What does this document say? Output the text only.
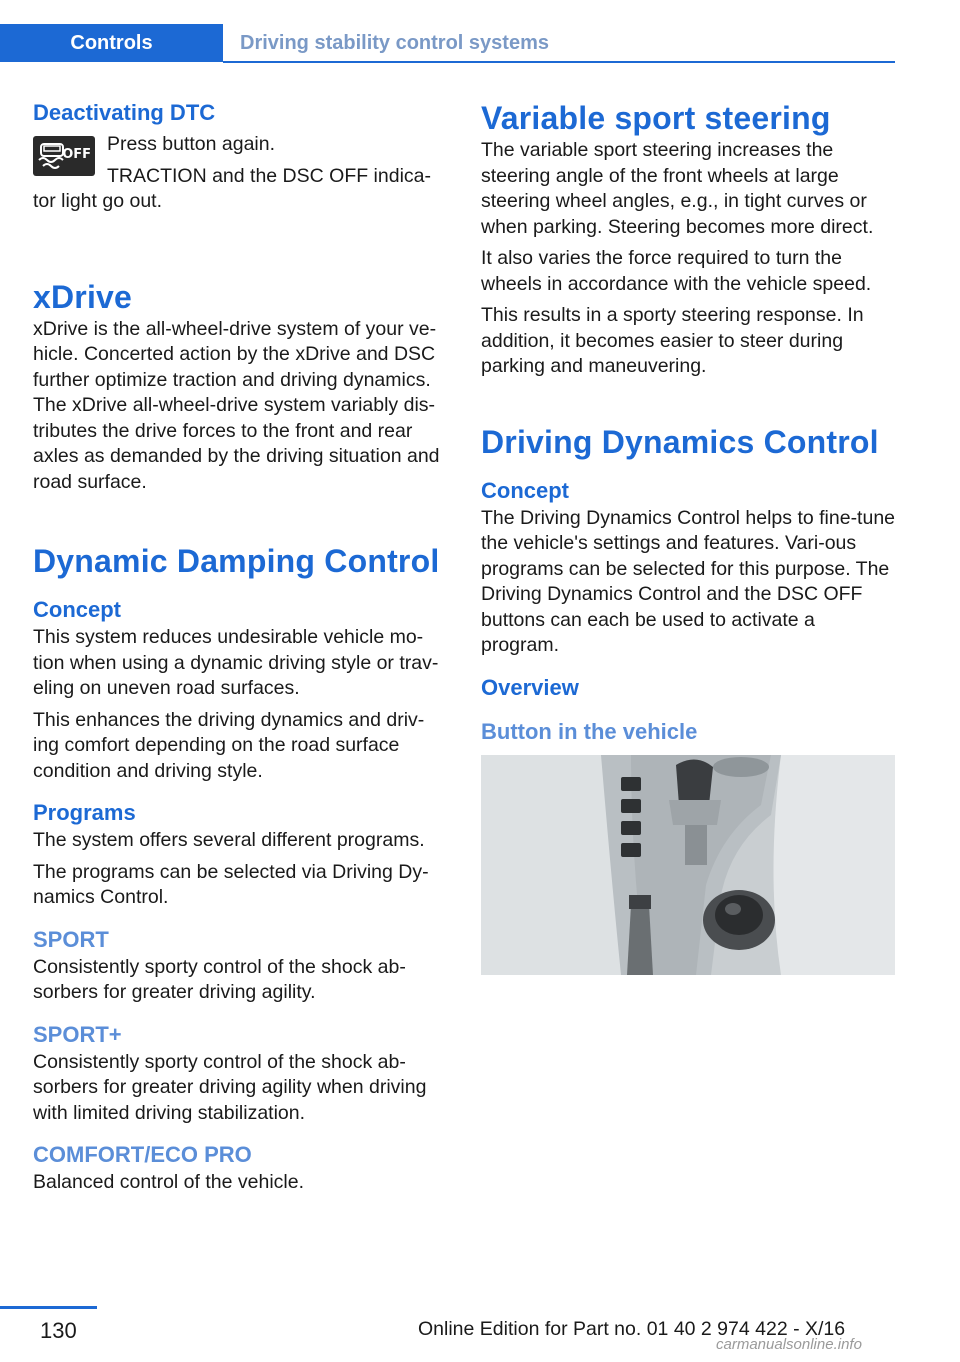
Controls	Driving stability control systems
Deactivating DTC
OFF Press button again.

TRACTION and the DSC OFF indica-tor light go out.

xDrive

xDrive is the all-wheel-drive system of your ve-hicle. Concerted action by the xDrive and DSC further optimize traction and driving dynamics. The xDrive all-wheel-drive system variably dis-tributes the drive forces to the front and rear axles as demanded by the driving situation and road surface.

Dynamic Damping Control
Concept

This system reduces undesirable vehicle mo-tion when using a dynamic driving style or trav-eling on uneven road surfaces.

This enhances the driving dynamics and driv-ing comfort depending on the road surface condition and driving style.

Programs

The system offers several different programs.

The programs can be selected via Driving Dy-namics Control.

SPORT

Consistently sporty control of the shock ab-sorbers for greater driving agility.

SPORT+

Consistently sporty control of the shock ab-sorbers for greater driving agility when driving with limited driving stabilization.

COMFORT/ECO PRO

Balanced control of the vehicle.

Variable sport steering

The variable sport steering increases the steering angle of the front wheels at large steering wheel angles, e.g., in tight curves or when parking. Steering becomes more direct.

It also varies the force required to turn the wheels in accordance with the vehicle speed.

This results in a sporty steering response. In addition, it becomes easier to steer during parking and maneuvering.

Driving Dynamics Control
Concept

The Driving Dynamics Control helps to fine-tune the vehicle's settings and features. Vari-ous programs can be selected for this purpose. The Driving Dynamics Control and the DSC OFF buttons can each be used to activate a program.

Overview
Button in the vehicle
130	Online Edition for Part no. 01 40 2 974 422 - X/16
carmanualsonline.info
